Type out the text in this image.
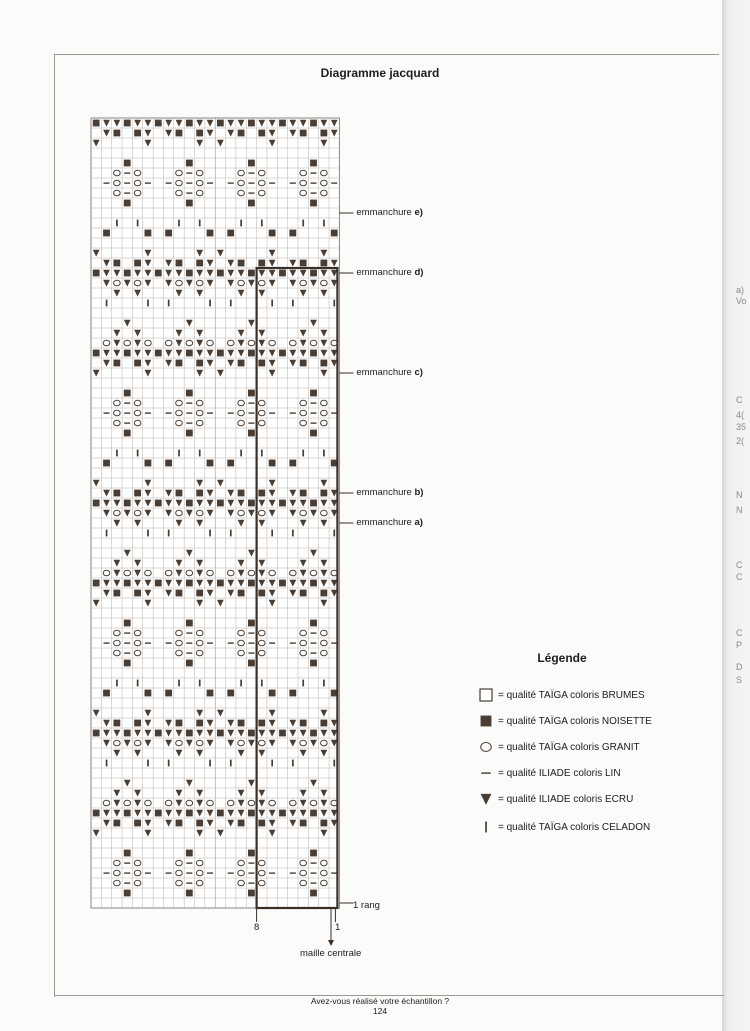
a)
Vo
C
4(
35
2(
N
N
C
C
C
P
D
S
Diagramme jacquard
emmanchure e)
emmanchure d)
emmanchure c)
emmanchure b)
emmanchure a)
1 rang
8	1
maille centrale
Légende
= qualité TAÏGA coloris BRUMES
= qualité TAÏGA coloris NOISETTE
= qualité TAÏGA coloris GRANIT
= qualité ILIADE coloris LIN
= qualité ILIADE coloris ECRU
= qualité TAÏGA coloris CELADON
Avez-vous réalisé votre échantillon ?
124
